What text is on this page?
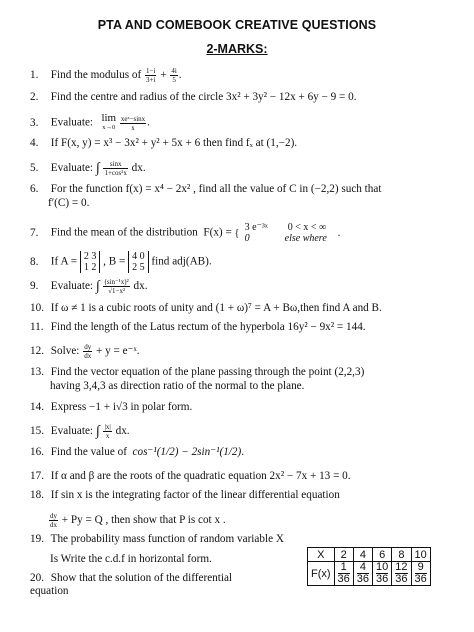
PTA AND COMEBOOK CREATIVE QUESTIONS
2-MARKS:
1. Find the modulus of $\frac{1-i}{3+i} + \frac{4i}{5}$ .
2. Find the centre and radius of the circle 3x² + 3y² − 12x + 6y − 9 = 0.
3. Evaluate: lim
x→0
$\frac{\text{xeˣ−sinx}}{x}$ .
4. If F(x, y) = x³ − 3x² + y² + 5x + 6 then find fₓ at (1,−2).
5. Evaluate: ∫ $\frac{\sin x}{\text{1+cos²x}}$ dx.
6. For the function f(x) = x⁴ − 2x² , find all the value of C in (−2,2) such that
f′(C) = 0.
7. Find the mean of the distribution F(x) = {  3 e⁻³ˣ        0 < x < ∞
0              else where .
8. If A = 2 3
1 2 , B = 4 0
2 5 find adj(AB).
9. Evaluate: ∫ $\frac{\text{(sin⁻¹x)²}}{\text{√1−x²}}$ dx.
10. If ω ≠ 1 is a cubic roots of unity and (1 + ω)⁷ = A + Bω,then find A and B.
11. Find the length of the Latus rectum of the hyperbola 16y² − 9x² = 144.
12. Solve: $\frac{dy}{dx} + y$ = e⁻ˣ.
13. Find the vector equation of the plane passing through the point (2,2,3)
having 3,4,3 as direction ratio of the normal to the plane.
14. Express −1 + i√3 in polar form.
15. Evaluate: ∫ $\frac{|x|}{x}$ dx.
16. Find the value of cos⁻¹(1/2) − 2sin⁻¹(1/2).
17. If α and β are the roots of the quadratic equation 2x² − 7x + 13 = 0.
18. If sin x is the integrating factor of the linear differential equation
$\frac{dy}{dx} + Py = Q$ , then show that P is cot x .
19. The probability mass function of random variable X
Is Write the c.d.f in horizontal form.
20. Show that the solution of the differential
equation
X	2	4	6	8	10
F(x)	$\frac{1}{36}$	$\frac{4}{36}$	$\frac{10}{36}$	$\frac{12}{36}$	$\frac{9}{36}$
